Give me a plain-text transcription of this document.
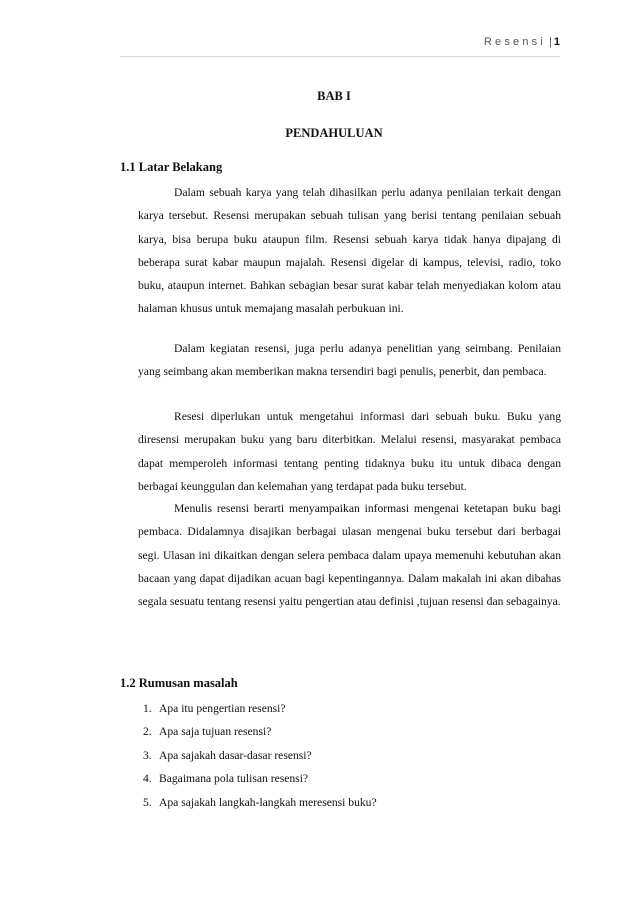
Resensi | 1
BAB I
PENDAHULUAN
1.1 Latar Belakang

Dalam sebuah karya yang telah dihasilkan perlu adanya penilaian terkait dengan karya tersebut. Resensi merupakan sebuah tulisan yang berisi tentang penilaian sebuah karya, bisa berupa buku ataupun film. Resensi sebuah karya tidak hanya dipajang di beberapa surat kabar maupun majalah. Resensi digelar di kampus, televisi, radio, toko buku, ataupun internet. Bahkan sebagian besar surat kabar telah menyediakan kolom atau halaman khusus untuk memajang masalah perbukuan ini.

Dalam kegiatan resensi, juga perlu adanya penelitian yang seimbang. Penilaian yang seimbang akan memberikan makna tersendiri bagi penulis, penerbit, dan pembaca.

Resesi diperlukan untuk mengetahui informasi dari sebuah buku. Buku yang diresensi merupakan buku yang baru diterbitkan. Melalui resensi, masyarakat pembaca dapat memperoleh informasi tentang penting tidaknya buku itu untuk dibaca dengan berbagai keunggulan dan kelemahan yang terdapat pada buku tersebut.

Menulis resensi berarti menyampaikan informasi mengenai ketetapan buku bagi pembaca. Didalamnya disajikan berbagai ulasan mengenai buku tersebut dari berbagai segi. Ulasan ini dikaitkan dengan selera pembaca dalam upaya memenuhi kebutuhan akan bacaan yang dapat dijadikan acuan bagi kepentingannya. Dalam makalah ini akan dibahas segala sesuatu tentang resensi yaitu pengertian atau definisi ,tujuan resensi dan sebagainya.

1.2 Rumusan masalah
1. Apa itu pengertian resensi?
2. Apa saja tujuan resensi?
3. Apa sajakah dasar-dasar resensi?
4. Bagaimana pola tulisan resensi?
5. Apa sajakah langkah-langkah meresensi buku?
